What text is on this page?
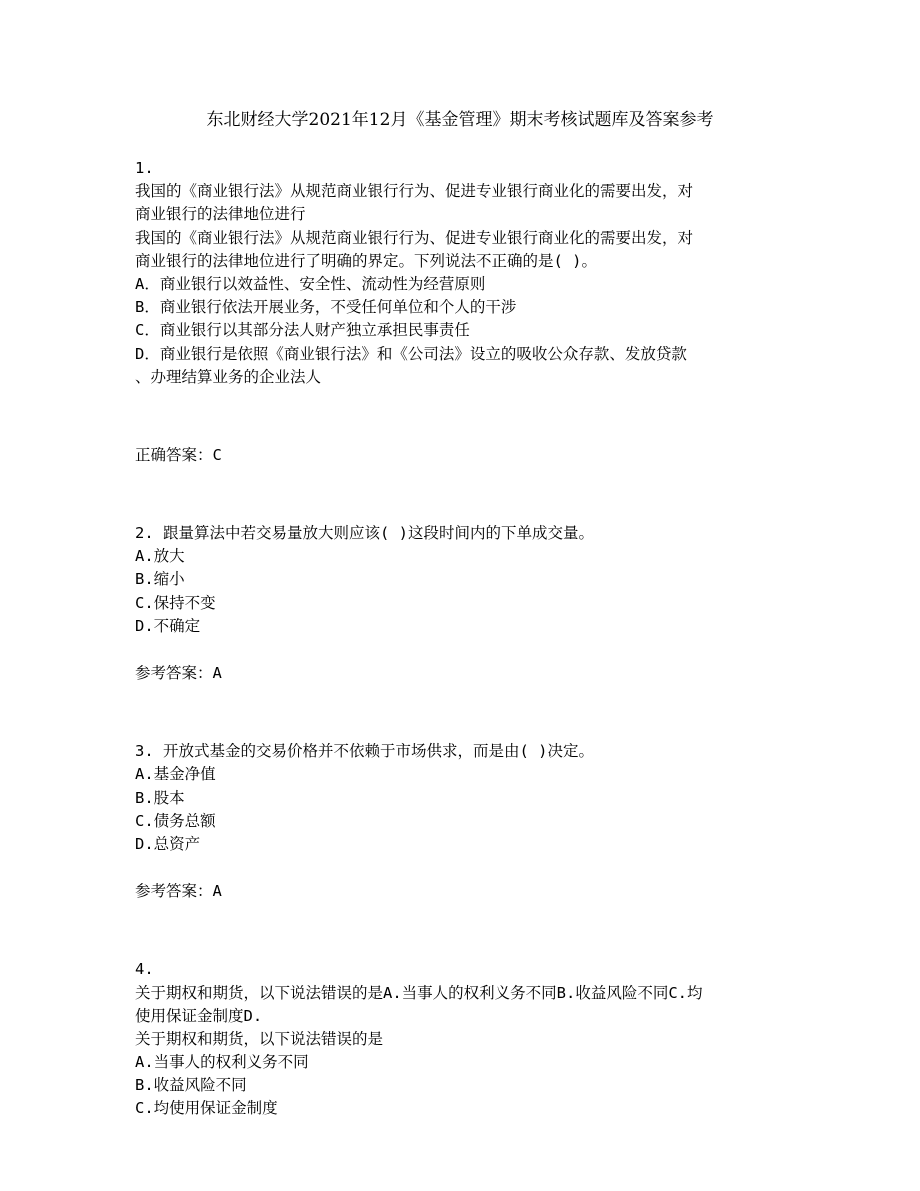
东北财经大学2021年12月《基金管理》期末考核试题库及答案参考
1.
我国的《商业银行法》从规范商业银行行为、促进专业银行商业化的需要出发，对
商业银行的法律地位进行
我国的《商业银行法》从规范商业银行行为、促进专业银行商业化的需要出发，对
商业银行的法律地位进行了明确的界定。下列说法不正确的是( )。
A．商业银行以效益性、安全性、流动性为经营原则
B．商业银行依法开展业务，不受任何单位和个人的干涉
C．商业银行以其部分法人财产独立承担民事责任
D．商业银行是依照《商业银行法》和《公司法》设立的吸收公众存款、发放贷款
、办理结算业务的企业法人
正确答案：C
2. 跟量算法中若交易量放大则应该( )这段时间内的下单成交量。
A.放大
B.缩小
C.保持不变
D.不确定
参考答案：A
3. 开放式基金的交易价格并不依赖于市场供求，而是由( )决定。
A.基金净值
B.股本
C.债务总额
D.总资产
参考答案：A
4.
关于期权和期货，以下说法错误的是A.当事人的权利义务不同B.收益风险不同C.均
使用保证金制度D.
关于期权和期货，以下说法错误的是
A.当事人的权利义务不同
B.收益风险不同
C.均使用保证金制度
